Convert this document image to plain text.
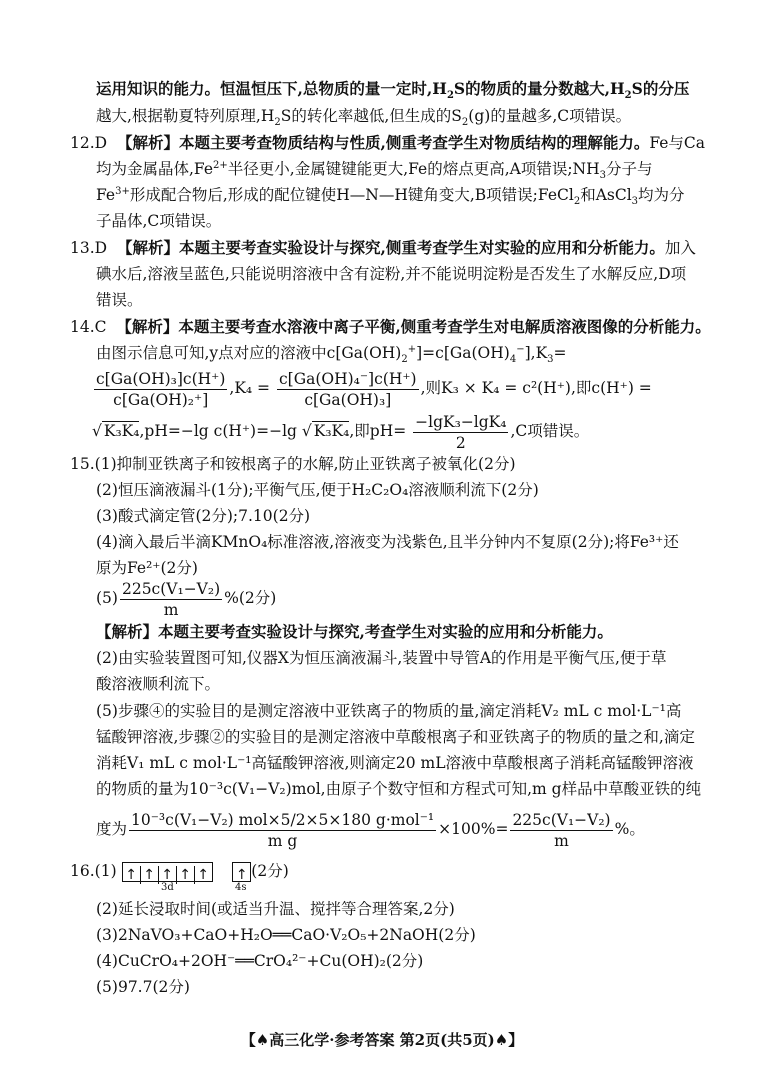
运用知识的能力。恒温恒压下,总物质的量一定时$,H_2S$的物质的量分数越大$,H_2S$的分压
越大,根据勒夏特列原理$,H_2S$的转化率越低,但生成的$S_2(g)$的量越多,C项错误。
12.D 【解析】本题主要考查物质结构与性质,侧重考查学生对物质结构的理解能力。Fe与Ca
均为金属晶体$,Fe^{2+}$半径更小,金属键键能更大,Fe的熔点更高,A项错误$;NH_3$分子与
$Fe^{3+}$形成配合物后,形成的配位键使H—N—H键角变大,B项错误;FeCl$_2$和AsCl$_3$均为分
子晶体,C项错误。
13.D 【解析】本题主要考查实验设计与探究,侧重考查学生对实验的应用和分析能力。加入
碘水后,溶液呈蓝色,只能说明溶液中含有淀粉,并不能说明淀粉是否发生了水解反应,D项
错误。
14.C 【解析】本题主要考查水溶液中离子平衡,侧重考查学生对电解质溶液图像的分析能力。
由图示信息可知,y点对应的溶液中$c[Ga(OH)_2^+]=c[Ga(OH)_4^-],K_3=$
$\frac{\text{c[Ga(OH)₃]c(H⁺)}}{\text{c[Ga(OH)₂⁺]}} ,K_4 = \frac{\text{c[Ga(OH)₄⁻]c(H⁺)}}{\text{c[Ga(OH)₃]}}$ ,则K₃ × K₄ = c²(H⁺),即c(H⁺) =
√ K₃K₄,pH=−lg c(H⁺)=−lg √ K₃K₄,即$pH= \frac{\text{−lgK₃−lgK₄}}{2} ,C$项错误。
15.(1)抑制亚铁离子和铵根离子的水解,防止亚铁离子被氧化(2分)
(2)恒压滴液漏斗(1分);平衡气压,便于H₂C₂O₄溶液顺利流下(2分)
(3)酸式滴定管(2分);7.10(2分)
(4)滴入最后半滴KMnO₄标准溶液,溶液变为浅紫色,且半分钟内不复原(2分);将Fe³⁺还
原为Fe²⁺(2分)
$(5) \frac{\text{225c(V₁−V₂)}}{m} \%(2$分)
【解析】本题主要考查实验设计与探究,考查学生对实验的应用和分析能力。
(2)由实验装置图可知,仪器X为恒压滴液漏斗,装置中导管A的作用是平衡气压,便于草
酸溶液顺利流下。
(5)步骤④的实验目的是测定溶液中亚铁离子的物质的量,滴定消耗V₂ mL c mol·L⁻¹高
锰酸钾溶液,步骤②的实验目的是测定溶液中草酸根离子和亚铁离子的物质的量之和,滴定
消耗V₁ mL c mol·L⁻¹高锰酸钾溶液,则滴定20 mL溶液中草酸根离子消耗高锰酸钾溶液
的物质的量为10⁻³c(V₁−V₂)mol,由原子个数守恒和方程式可知,m g样品中草酸亚铁的纯
度为 $\frac{\text{10⁻³c(V₁−V₂) mol×5/2×5×180 g·mol⁻¹}}{\text{m g}} \times 100\%= \frac{\text{225c(V₁−V₂)}}{m}$ %。
16.(1) ↑ ↑ ↑ ↑ ↑ ↑ (2分)
3d	4s
(2)延长浸取时间(或适当升温、搅拌等合理答案,2分)
(3)2NaVO₃+CaO+H₂O══CaO·V₂O₅+2NaOH(2分)
(4)CuCrO₄+2OH⁻══CrO₄²⁻+Cu(OH)₂(2分)
(5)97.7(2分)
【♠高三化学·参考答案 第2页(共5页)♠】
